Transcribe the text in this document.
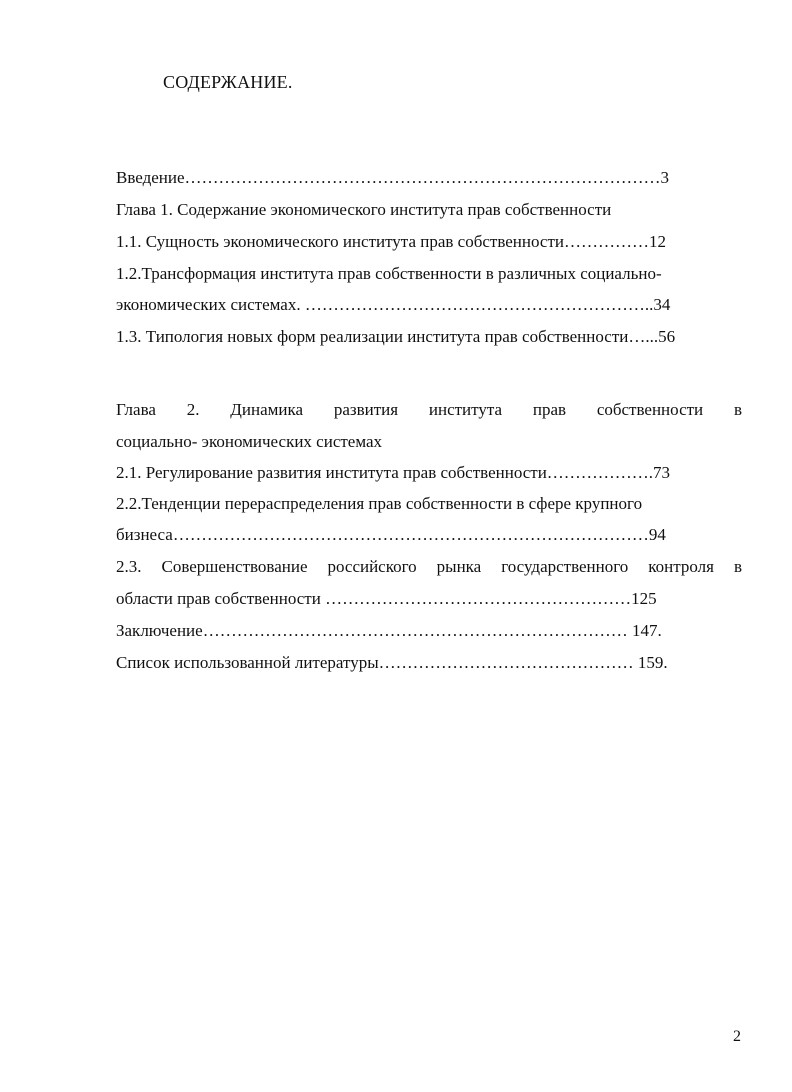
СОДЕРЖАНИЕ.
Введение…………………………………………………………………………3
Глава 1. Содержание экономического института прав собственности
1.1. Сущность экономического института прав собственности……………12
1.2.Трансформация института прав собственности в различных социально-
экономических системах. ……………………………………………………..34
1.3. Типология новых форм реализации института прав собственности…...56
Глава 2. Динамика развития института прав собственности в
социально- экономических системах
2.1. Регулирование развития института прав собственности……………….73
2.2.Тенденции перераспределения прав собственности в сфере крупного
бизнеса…………………………………………………………………………94
2.3. Совершенствование российского рынка государственного контроля в
области прав собственности ………………………………………………125
Заключение………………………………………………………………… 147.
Список использованной литературы……………………………………… 159.
2
